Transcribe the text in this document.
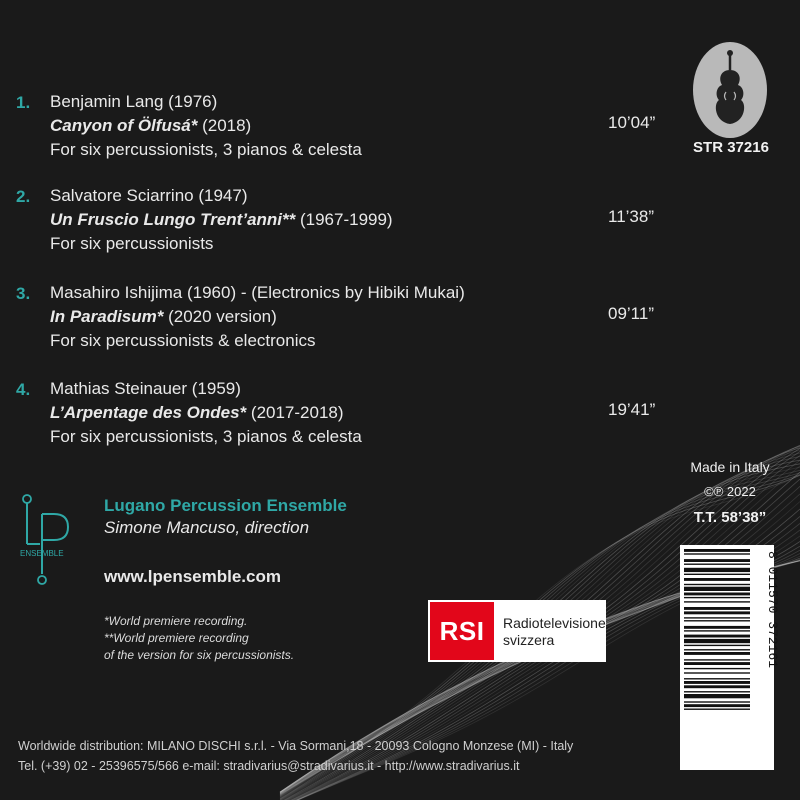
1. Benjamin Lang (1976)
Canyon of Ölfusá* (2018)
For six percussionists, 3 pianos & celesta
10’04”
2. Salvatore Sciarrino (1947)
Un Fruscio Lungo Trent’anni** (1967-1999)
For six percussionists
11’38”
3. Masahiro Ishijima (1960) - (Electronics by Hibiki Mukai)
In Paradisum* (2020 version)
For six percussionists & electronics
09’11”
4. Mathias Steinauer (1959)
L’Arpentage des Ondes* (2017-2018)
For six percussionists, 3 pianos & celesta
19’41”
STR 37216
Made in Italy
©℗ 2022
T.T. 58’38”
8 011570 372161
ENSEMBLE
Lugano Percussion Ensemble
Simone Mancuso, direction
www.lpensemble.com
*World premiere recording.
**World premiere recording
of the version for six percussionists.
RSI	Radiotelevisione
svizzera
Worldwide distribution: MILANO DISCHI s.r.l. - Via Sormani,18 - 20093 Cologno Monzese (MI) - Italy
Tel. (+39) 02 - 25396575/566 e-mail: stradivarius@stradivarius.it - http://www.stradivarius.it
